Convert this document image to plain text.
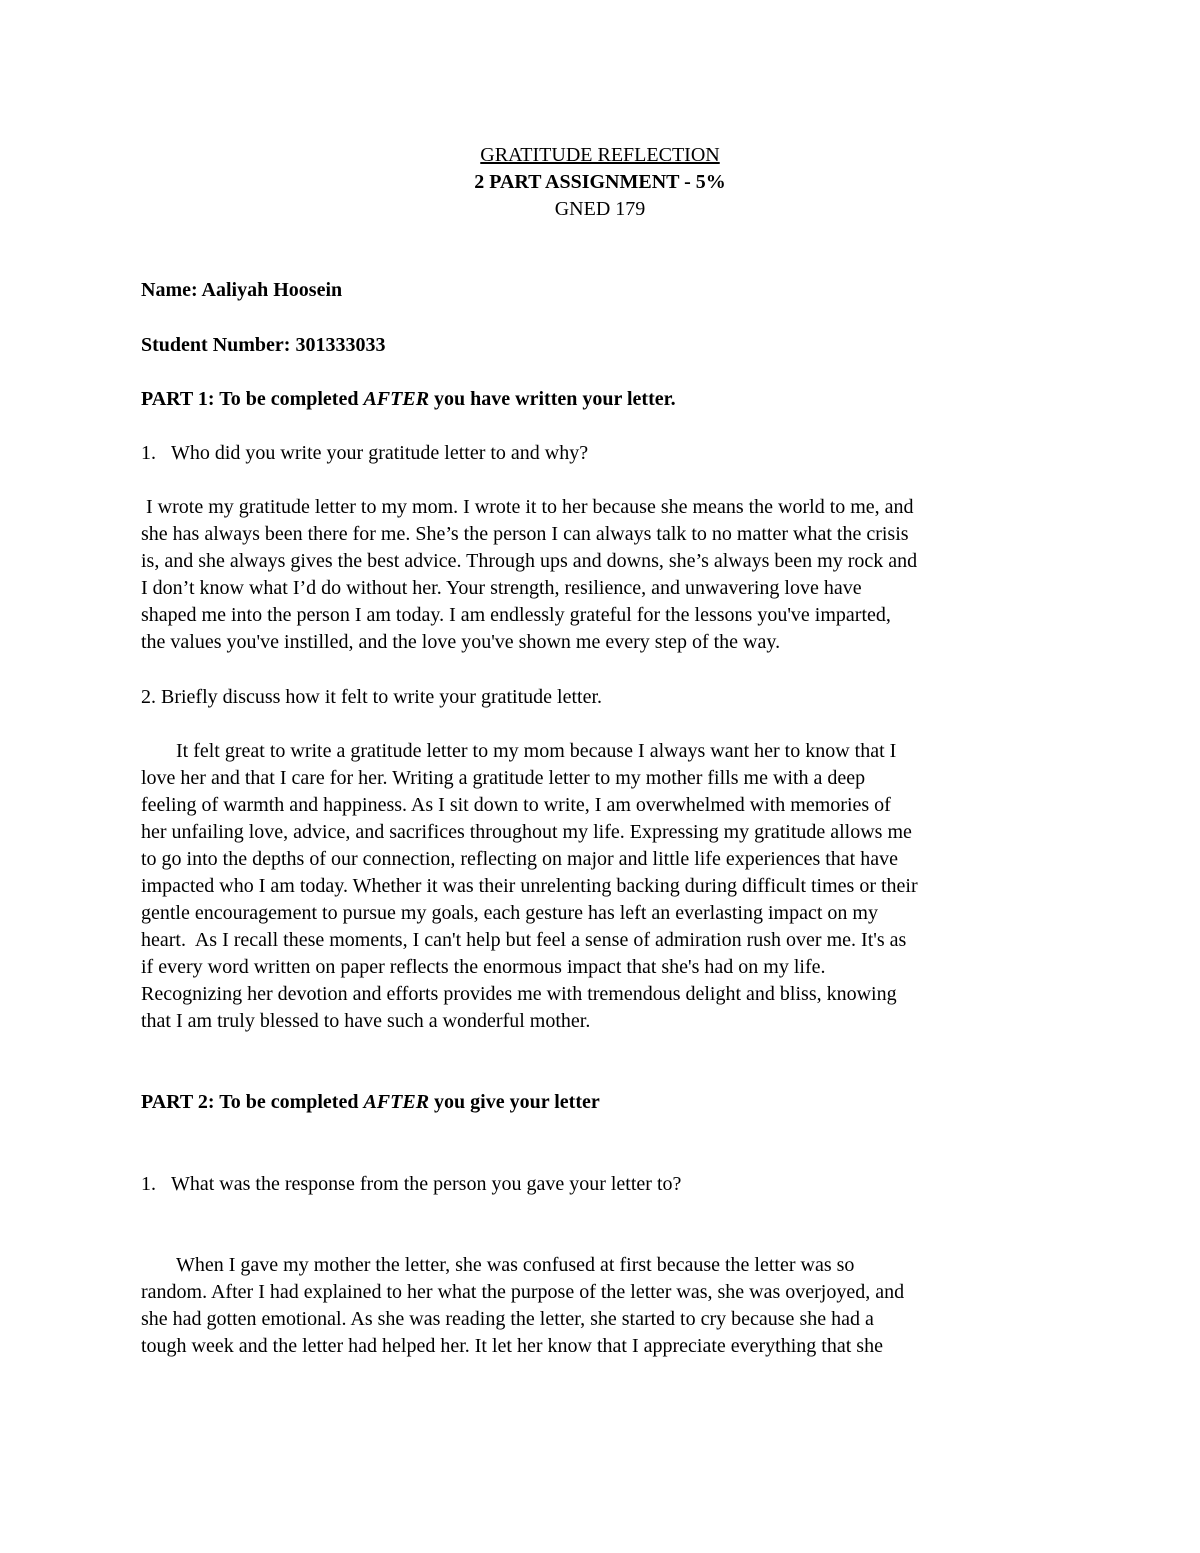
GRATITUDE REFLECTION
2 PART ASSIGNMENT - 5%
GNED 179
Name: Aaliyah Hoosein
Student Number: 301333033
PART 1: To be completed AFTER you have written your letter.
1. Who did you write your gratitude letter to and why?
I wrote my gratitude letter to my mom. I wrote it to her because she means the world to me, and
she has always been there for me. She’s the person I can always talk to no matter what the crisis
is, and she always gives the best advice. Through ups and downs, she’s always been my rock and
I don’t know what I’d do without her. Your strength, resilience, and unwavering love have
shaped me into the person I am today. I am endlessly grateful for the lessons you've imparted,
the values you've instilled, and the love you've shown me every step of the way.
2. Briefly discuss how it felt to write your gratitude letter.
It felt great to write a gratitude letter to my mom because I always want her to know that I
love her and that I care for her. Writing a gratitude letter to my mother fills me with a deep
feeling of warmth and happiness. As I sit down to write, I am overwhelmed with memories of
her unfailing love, advice, and sacrifices throughout my life. Expressing my gratitude allows me
to go into the depths of our connection, reflecting on major and little life experiences that have
impacted who I am today. Whether it was their unrelenting backing during difficult times or their
gentle encouragement to pursue my goals, each gesture has left an everlasting impact on my
heart.  As I recall these moments, I can't help but feel a sense of admiration rush over me. It's as
if every word written on paper reflects the enormous impact that she's had on my life.
Recognizing her devotion and efforts provides me with tremendous delight and bliss, knowing
that I am truly blessed to have such a wonderful mother.
PART 2: To be completed AFTER you give your letter
1. What was the response from the person you gave your letter to?
When I gave my mother the letter, she was confused at first because the letter was so
random. After I had explained to her what the purpose of the letter was, she was overjoyed, and
she had gotten emotional. As she was reading the letter, she started to cry because she had a
tough week and the letter had helped her. It let her know that I appreciate everything that she
